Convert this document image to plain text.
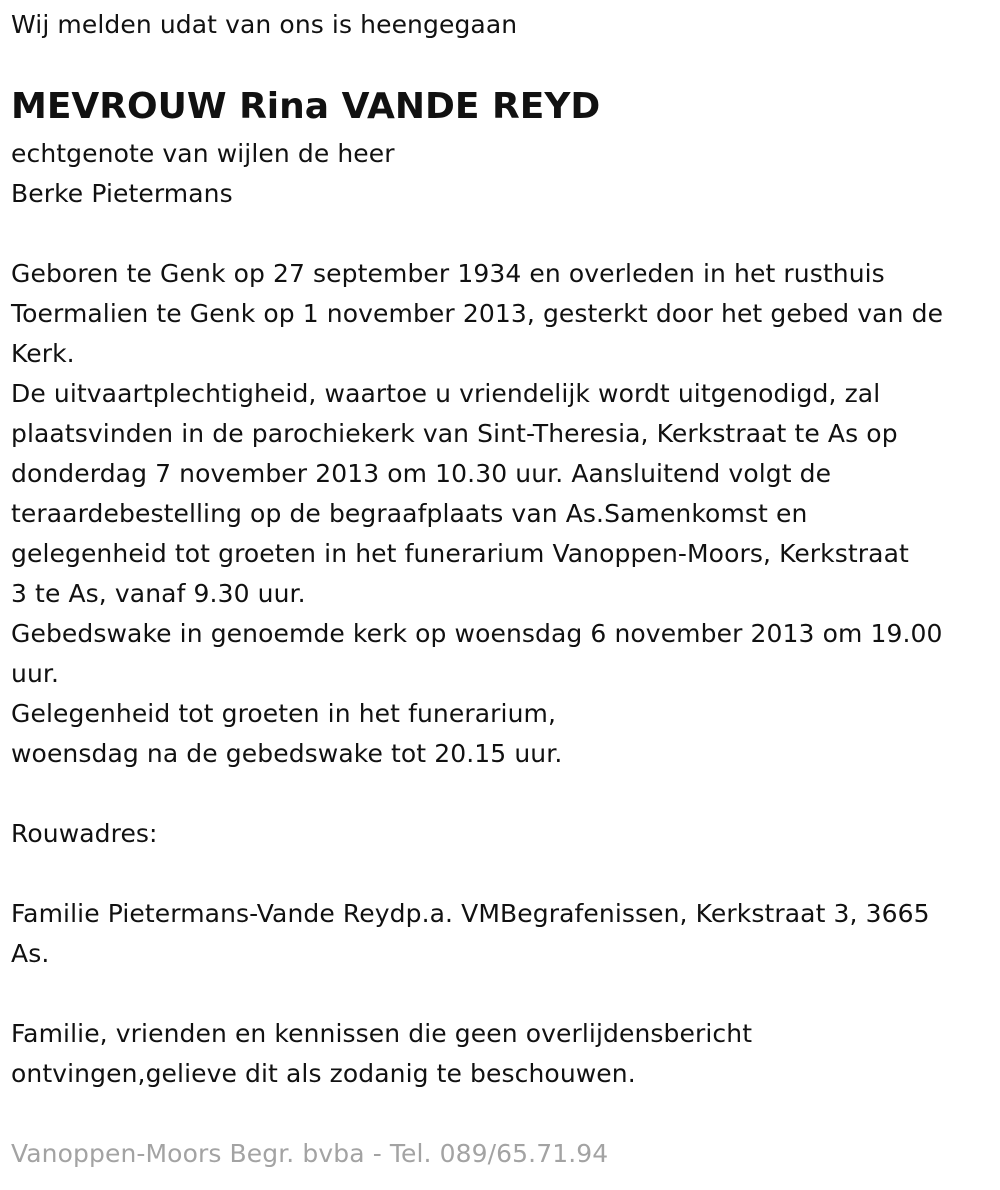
Wij melden udat van ons is heengegaan
MEVROUW Rina VANDE REYD
echtgenote van wijlen de heer
Berke Pietermans
Geboren te Genk op 27 september 1934 en overleden in het rusthuis
Toermalien te Genk op 1 november 2013, gesterkt door het gebed van de
Kerk.
De uitvaartplechtigheid, waartoe u vriendelijk wordt uitgenodigd, zal
plaatsvinden in de parochiekerk van Sint-Theresia, Kerkstraat te As op
donderdag 7 november 2013 om 10.30 uur. Aansluitend volgt de
teraardebestelling op de begraafplaats van As.Samenkomst en
gelegenheid tot groeten in het funerarium Vanoppen-Moors, Kerkstraat
3 te As, vanaf 9.30 uur.
Gebedswake in genoemde kerk op woensdag 6 november 2013 om 19.00
uur.
Gelegenheid tot groeten in het funerarium,
woensdag na de gebedswake tot 20.15 uur.
Rouwadres:
Familie Pietermans-Vande Reydp.a. VMBegrafenissen, Kerkstraat 3, 3665
As.
Familie, vrienden en kennissen die geen overlijdensbericht
ontvingen,gelieve dit als zodanig te beschouwen.
Vanoppen-Moors Begr. bvba - Tel. 089/65.71.94
